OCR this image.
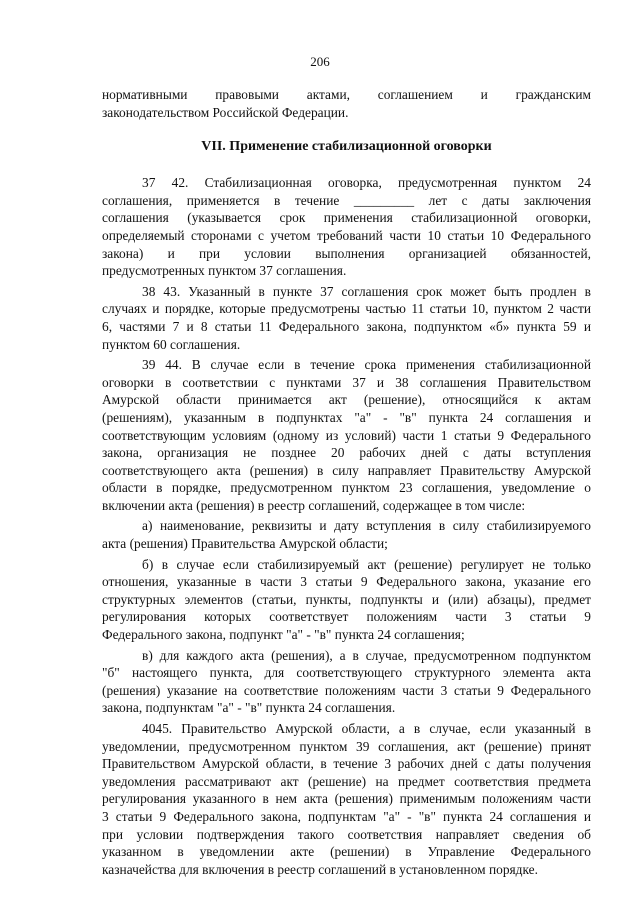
206
нормативными правовыми актами, соглашением и гражданским
законодательством Российской Федерации.
VII. Применение стабилизационной оговорки
37 42. Стабилизационная оговорка, предусмотренная пунктом 24
соглашения, применяется в течение _________ лет с даты заключения
соглашения (указывается срок применения стабилизационной оговорки,
определяемый сторонами с учетом требований части 10 статьи 10 Федерального
закона) и при условии выполнения организацией обязанностей,
предусмотренных пунктом 37 соглашения.
38 43. Указанный в пункте 37 соглашения срок может быть продлен в
случаях и порядке, которые предусмотрены частью 11 статьи 10, пунктом 2 части
6, частями 7 и 8 статьи 11 Федерального закона, подпунктом «б» пункта 59 и
пунктом 60 соглашения.
39 44. В случае если в течение срока применения стабилизационной
оговорки в соответствии с пунктами 37 и 38 соглашения Правительством
Амурской области принимается акт (решение), относящийся к актам
(решениям), указанным в подпунктах "а" - "в" пункта 24 соглашения и
соответствующим условиям (одному из условий) части 1 статьи 9 Федерального
закона, организация не позднее 20 рабочих дней с даты вступления
соответствующего акта (решения) в силу направляет Правительству Амурской
области в порядке, предусмотренном пунктом 23 соглашения, уведомление о
включении акта (решения) в реестр соглашений, содержащее в том числе:
а) наименование, реквизиты и дату вступления в силу стабилизируемого
акта (решения) Правительства Амурской области;
б) в случае если стабилизируемый акт (решение) регулирует не только
отношения, указанные в части 3 статьи 9 Федерального закона, указание его
структурных элементов (статьи, пункты, подпункты и (или) абзацы), предмет
регулирования которых соответствует положениям части 3 статьи 9
Федерального закона, подпункт "а" - "в" пункта 24 соглашения;
в) для каждого акта (решения), а в случае, предусмотренном подпунктом
"б" настоящего пункта, для соответствующего структурного элемента акта
(решения) указание на соответствие положениям части 3 статьи 9 Федерального
закона, подпунктам "а" - "в" пункта 24 соглашения.
4045. Правительство Амурской области, а в случае, если указанный в
уведомлении, предусмотренном пунктом 39 соглашения, акт (решение) принят
Правительством Амурской области, в течение 3 рабочих дней с даты получения
уведомления рассматривают акт (решение) на предмет соответствия предмета
регулирования указанного в нем акта (решения) применимым положениям части
3 статьи 9 Федерального закона, подпунктам "а" - "в" пункта 24 соглашения и
при условии подтверждения такого соответствия направляет сведения об
указанном в уведомлении акте (решении) в Управление Федерального
казначейства для включения в реестр соглашений в установленном порядке.
